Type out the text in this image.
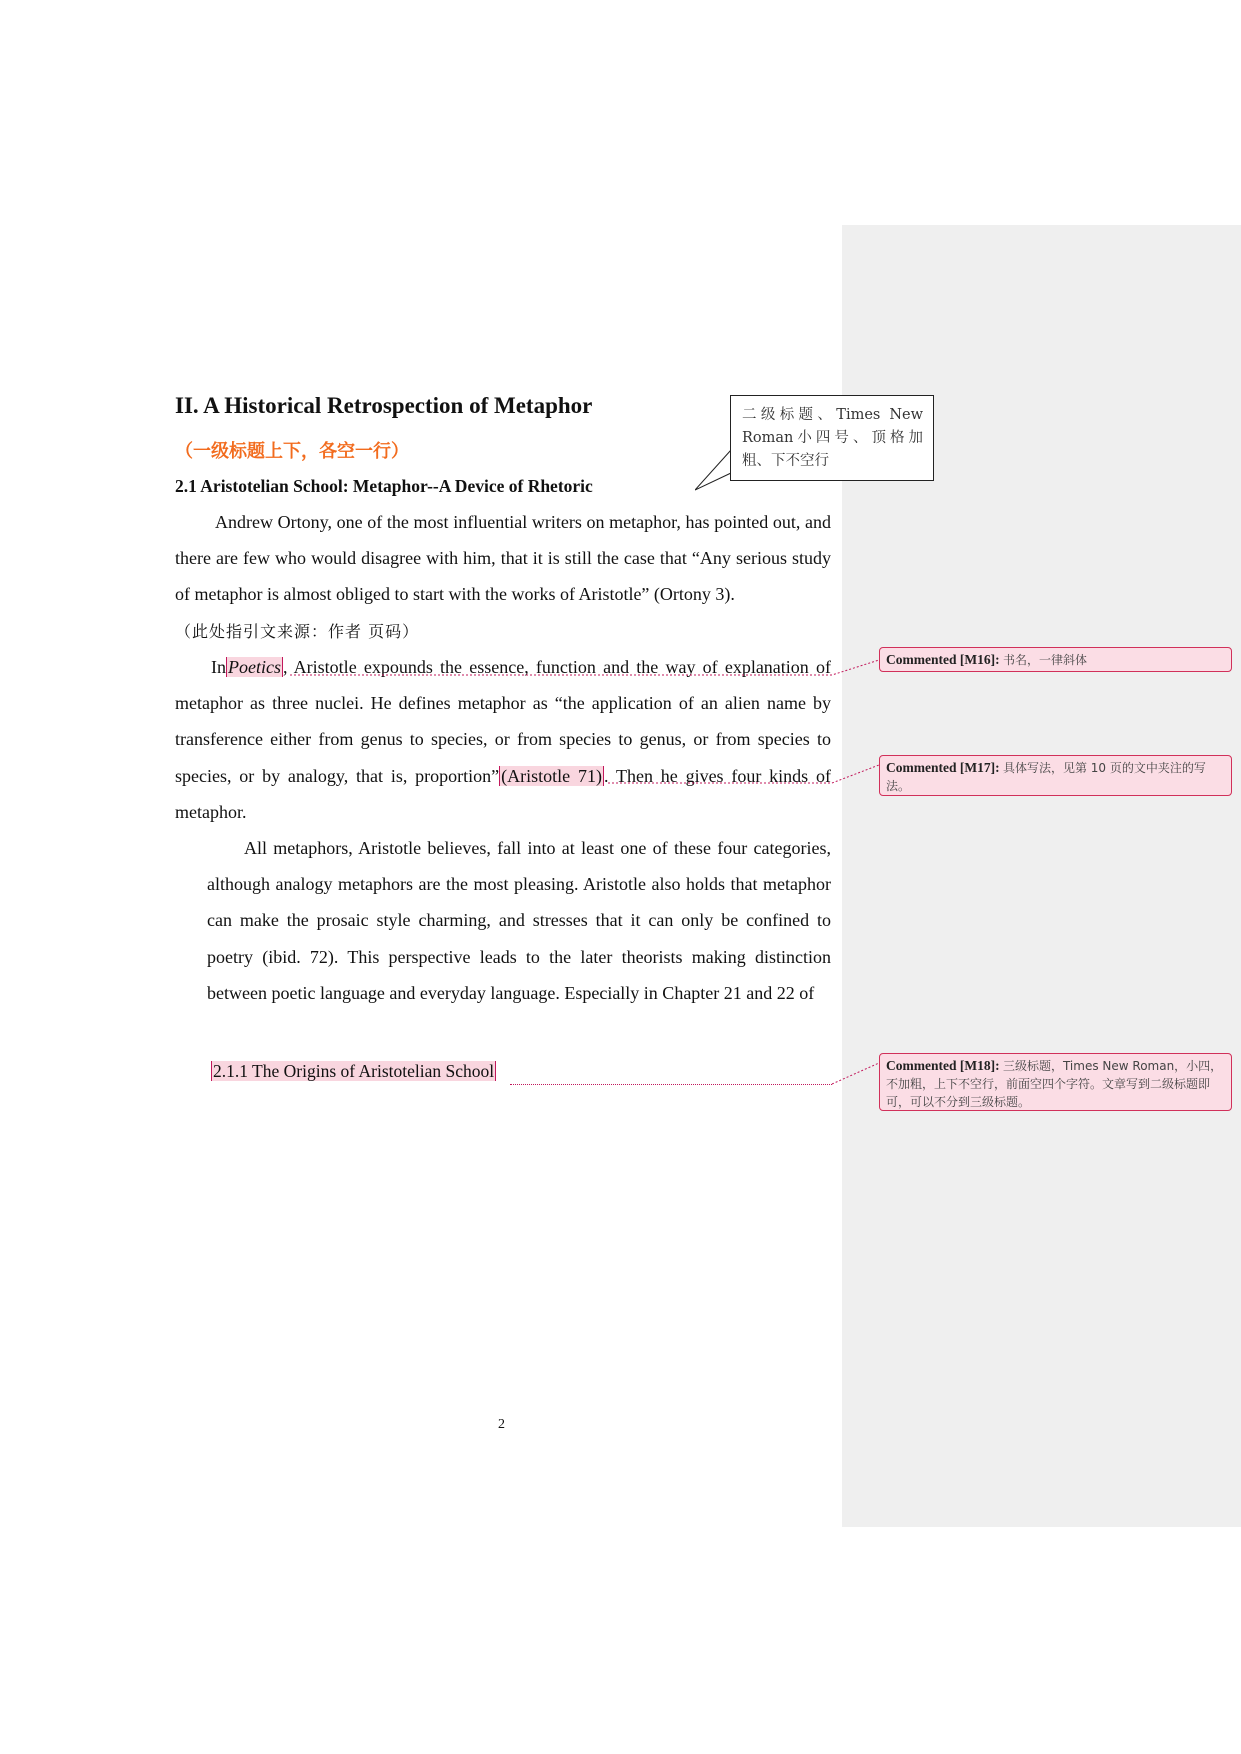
II. A Historical Retrospection of Metaphor
（一级标题上下，各空一行）
2.1 Aristotelian School: Metaphor--A Device of Rhetoric
二级标题、Times New Roman小四号、顶格加粗、下不空行
Andrew Ortony, one of the most influential writers on metaphor, has pointed out, and there are few who would disagree with him, that it is still the case that “Any serious study of metaphor is almost obliged to start with the works of Aristotle” (Ortony 3).
（此处指引文来源：作者 页码）
In Poetics , Aristotle expounds the essence, function and the way of explanation of metaphor as three nuclei. He defines metaphor as “the application of an alien name by transference either from genus to species, or from species to genus, or from species to species, or by analogy, that is, proportion” (Aristotle 71) . Then he gives four kinds of metaphor.
All metaphors, Aristotle believes, fall into at least one of these four categories, although analogy metaphors are the most pleasing. Aristotle also holds that metaphor can make the prosaic style charming, and stresses that it can only be confined to poetry (ibid. 72). This perspective leads to the later theorists making distinction between poetic language and everyday language. Especially in Chapter 21 and 22 of
2.1.1 The Origins of Aristotelian School
2
Commented [M16]: 书名，一律斜体
Commented [M17]: 具体写法，见第 10 页的文中夹注的写法。
Commented [M18]: 三级标题，Times New Roman，小四，不加粗，上下不空行，前面空四个字符。文章写到二级标题即可，可以不分到三级标题。
